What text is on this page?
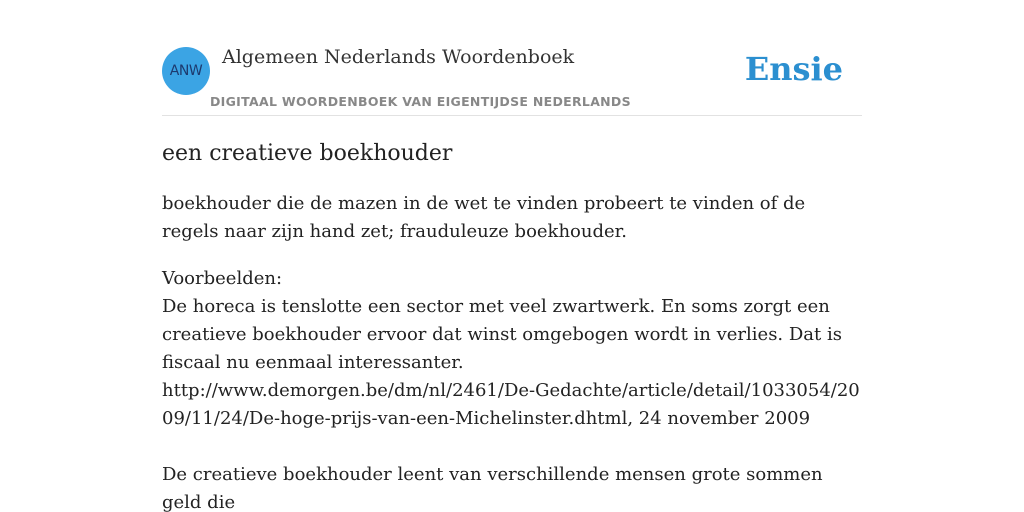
ANW
Algemeen Nederlands Woordenboek
DIGITAAL WOORDENBOEK VAN EIGENTIJDSE NEDERLANDS
Ensie
een creatieve boekhouder

boekhouder die de mazen in de wet te vinden probeert te vinden of de regels naar zijn hand zet; frauduleuze boekhouder.

Voorbeelden:

De horeca is tenslotte een sector met veel zwartwerk. En soms zorgt een creatieve boekhouder ervoor dat winst omgebogen wordt in verlies. Dat is fiscaal nu eenmaal interessanter.

http://www.demorgen.be/dm/nl/2461/De-Gedachte/article/detail/1033054/2009/11/24/De-hoge-prijs-van-een-Michelinster.dhtml, 24 november 2009

De creatieve boekhouder leent van verschillende mensen grote sommen geld die
